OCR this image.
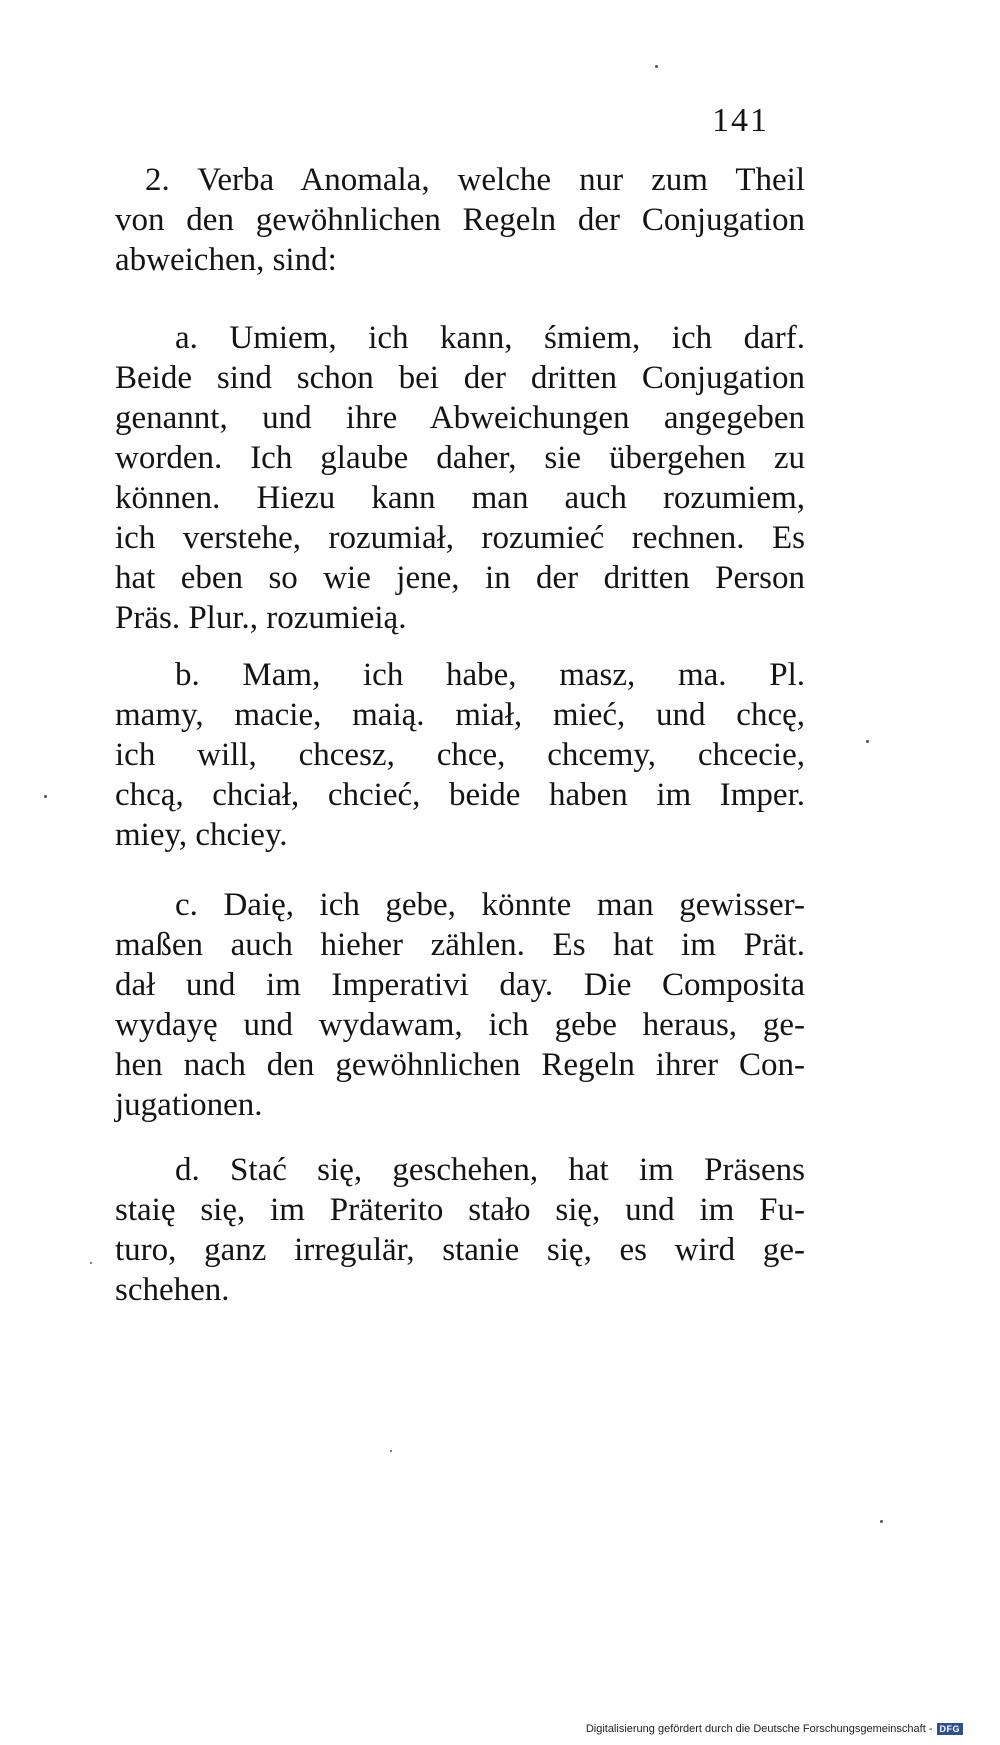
141
2. Verba Anomala, welche nur zum Theil
von den gewöhnlichen Regeln der Conjugation
abweichen, sind:
a. Umiem, ich kann, śmiem, ich darf.
Beide sind schon bei der dritten Conjugation
genannt, und ihre Abweichungen angegeben
worden. Ich glaube daher, sie übergehen zu
können. Hiezu kann man auch rozumiem,
ich verstehe, rozumiał, rozumieć rechnen. Es
hat eben so wie jene, in der dritten Person
Präs. Plur., rozumieią.
b. Mam, ich habe, masz, ma. Pl.
mamy, macie, maią. miał, mieć, und chcę,
ich will, chcesz, chce, chcemy, chcecie,
chcą, chciał, chcieć, beide haben im Imper.
miey, chciey.
c. Daię, ich gebe, könnte man gewisser-
maßen auch hieher zählen. Es hat im Prät.
dał und im Imperativi day. Die Composita
wydayę und wydawam, ich gebe heraus, ge-
hen nach den gewöhnlichen Regeln ihrer Con-
jugationen.
d. Stać się, geschehen, hat im Präsens
staię się, im Präterito stało się, und im Fu-
turo, ganz irregulär, stanie się, es wird ge-
schehen.
Digitalisierung gefördert durch die Deutsche Forschungsgemeinschaft - DFG
